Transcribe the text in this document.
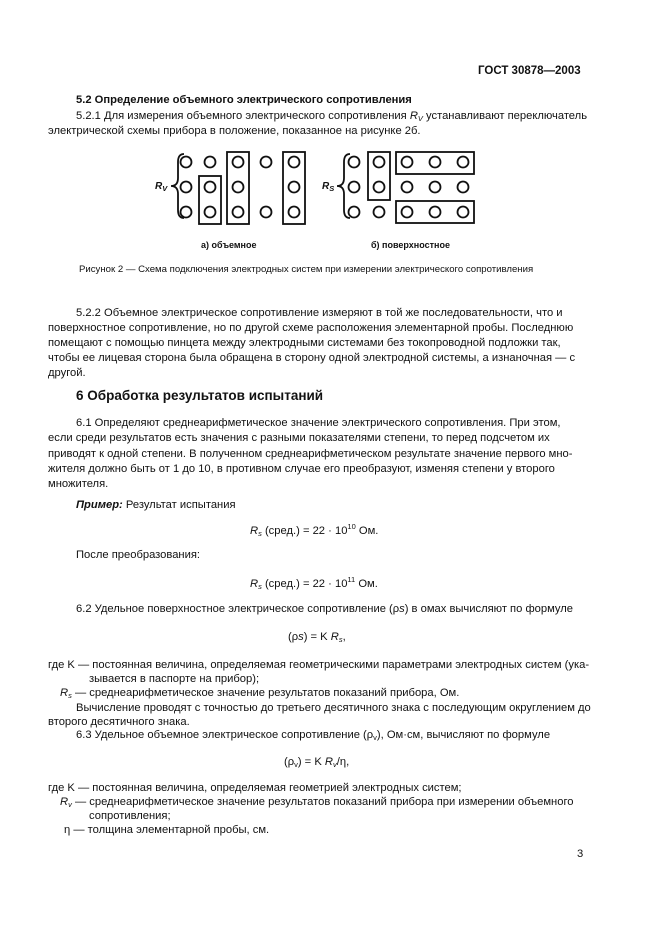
ГОСТ 30878—2003
5.2 Определение объемного электрического сопротивления
5.2.1 Для измерения объемного электрического сопротивления $R_V$ устанавливают переключатель
электрической схемы прибора в положение, показанное на рисунке 2б.
$R_V$	$R_S$
а) объемное	б) поверхностное
Рисунок 2 — Схема подключения электродных систем при измерении электрического сопротивления
5.2.2 Объемное электрическое сопротивление измеряют в той же последовательности, что и
поверхностное сопротивление, но по другой схеме расположения элементарной пробы. Последнюю
помещают с помощью пинцета между электродными системами без токопроводной подложки так,
чтобы ее лицевая сторона была обращена в сторону одной электродной системы, а изнаночная — с
другой.
6 Обработка результатов испытаний
6.1 Определяют среднеарифметическое значение электрического сопротивления. При этом,
если среди результатов есть значения с разными показателями степени, то перед подсчетом их
приводят к одной степени. В полученном среднеарифметическом результате значение первого мно-
жителя должно быть от 1 до 10, в противном случае его преобразуют, изменяя степени у второго
множителя.
Пример: Результат испытания
$R_s$ (сред.) = $22 \cdot 10^{10}$ Ом.
После преобразования:
$R_s$ (сред.) = $22 \cdot 10^{11}$ Ом.
6.2 Удельное поверхностное электрическое сопротивление (ρs) в омах вычисляют по формуле
(ρs) = K $R_s$,
где K — постоянная величина, определяемая геометрическими параметрами электродных систем (ука-
зывается в паспорте на прибор);
$R_s$ — среднеарифметическое значение результатов показаний прибора, Ом.
Вычисление проводят с точностью до третьего десятичного знака с последующим округлением до
второго десятичного знака.
6.3 Удельное объемное электрическое сопротивление $(\rho_v)$, Ом·см, вычисляют по формуле
$(\rho_v) = K$ $R_v/\eta$,
где K — постоянная величина, определяемая геометрией электродных систем;
$R_v$ — среднеарифметическое значение результатов показаний прибора при измерении объемного
сопротивления;
η — толщина элементарной пробы, см.
3
